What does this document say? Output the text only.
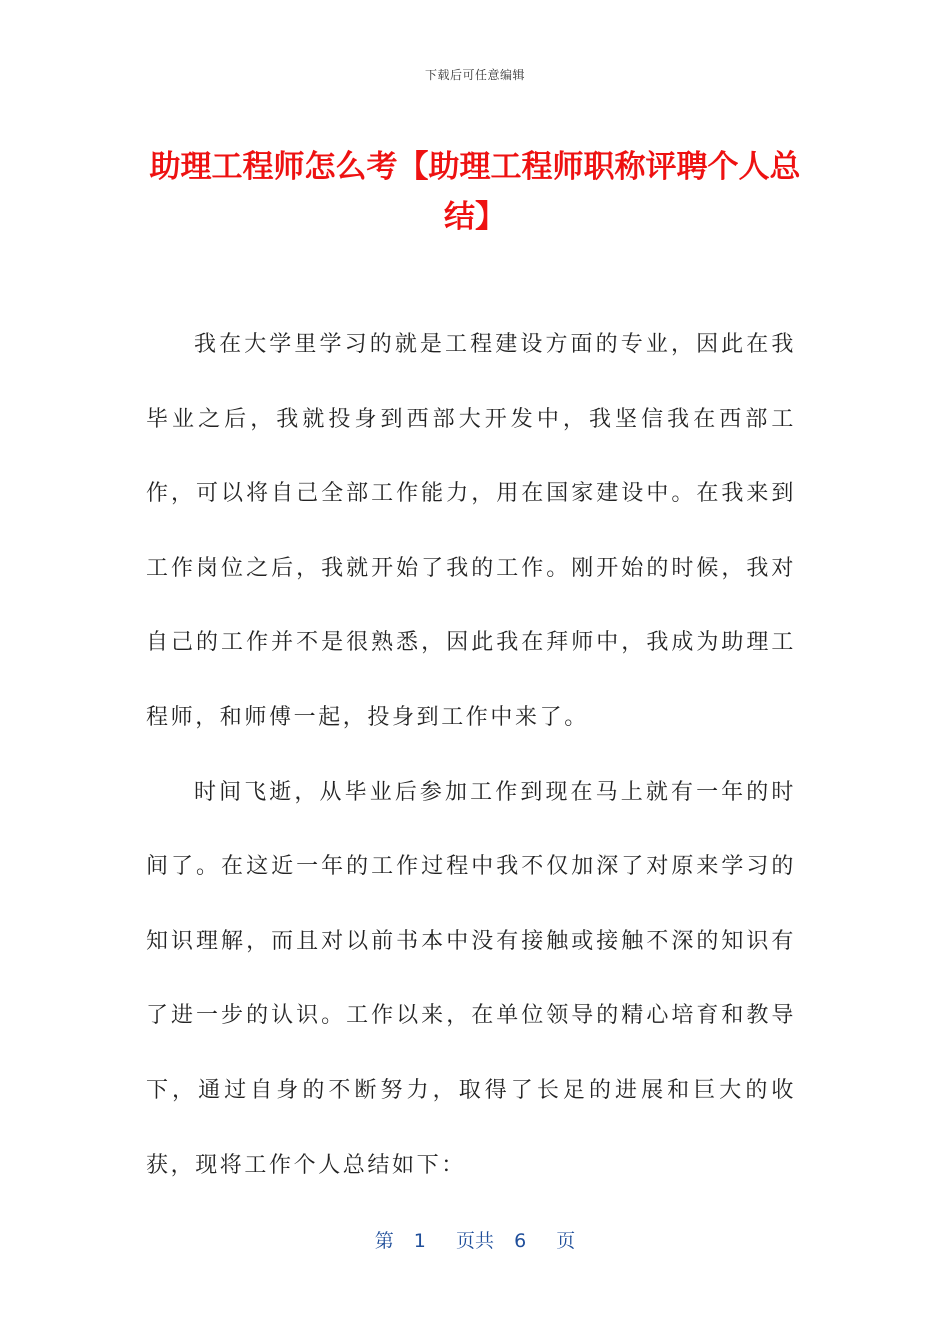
下载后可任意编辑
助理工程师怎么考【助理工程师职称评聘个人总结】

我在大学里学习的就是工程建设方面的专业，因此在我毕业之后，我就投身到西部大开发中，我坚信我在西部工作，可以将自己全部工作能力，用在国家建设中。在我来到工作岗位之后，我就开始了我的工作。刚开始的时候，我对自己的工作并不是很熟悉，因此我在拜师中，我成为助理工程师，和师傅一起，投身到工作中来了。

时间飞逝，从毕业后参加工作到现在马上就有一年的时间了。在这近一年的工作过程中我不仅加深了对原来学习的知识理解，而且对以前书本中没有接触或接触不深的知识有了进一步的认识。工作以来，在单位领导的精心培育和教导下，通过自身的不断努力，取得了长足的进展和巨大的收获，现将工作个人总结如下：

第  1   页共  6   页
